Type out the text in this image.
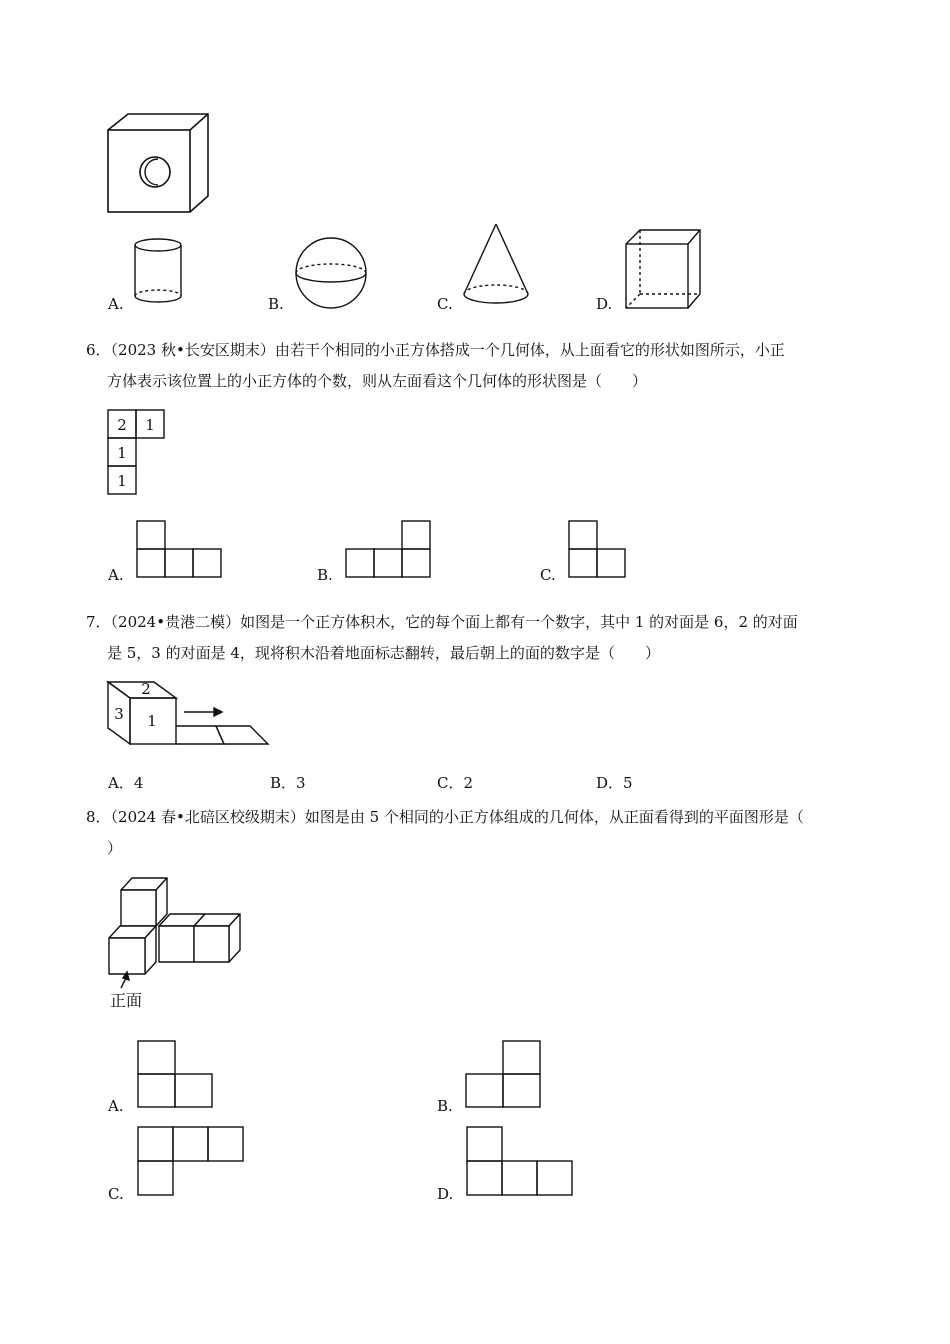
A.	B.	C.	D.
6．（2023 秋•长安区期末）由若干个相同的小正方体搭成一个几何体，从上面看它的形状如图所示，小正
方体表示该位置上的小正方体的个数，则从左面看这个几何体的形状图是（　　）
2 1
1
1
A.	B.	C.
7．（2024•贵港二模）如图是一个正方体积木，它的每个面上都有一个数字，其中 1 的对面是 6，2 的对面
是 5，3 的对面是 4，现将积木沿着地面标志翻转，最后朝上的面的数字是（　　）
2
3 1
A．4	B．3	C．2	D．5
8．（2024 春•北碚区校级期末）如图是由 5 个相同的小正方体组成的几何体，从正面看得到的平面图形是（
）
正面
A.	B.
C.	D.
